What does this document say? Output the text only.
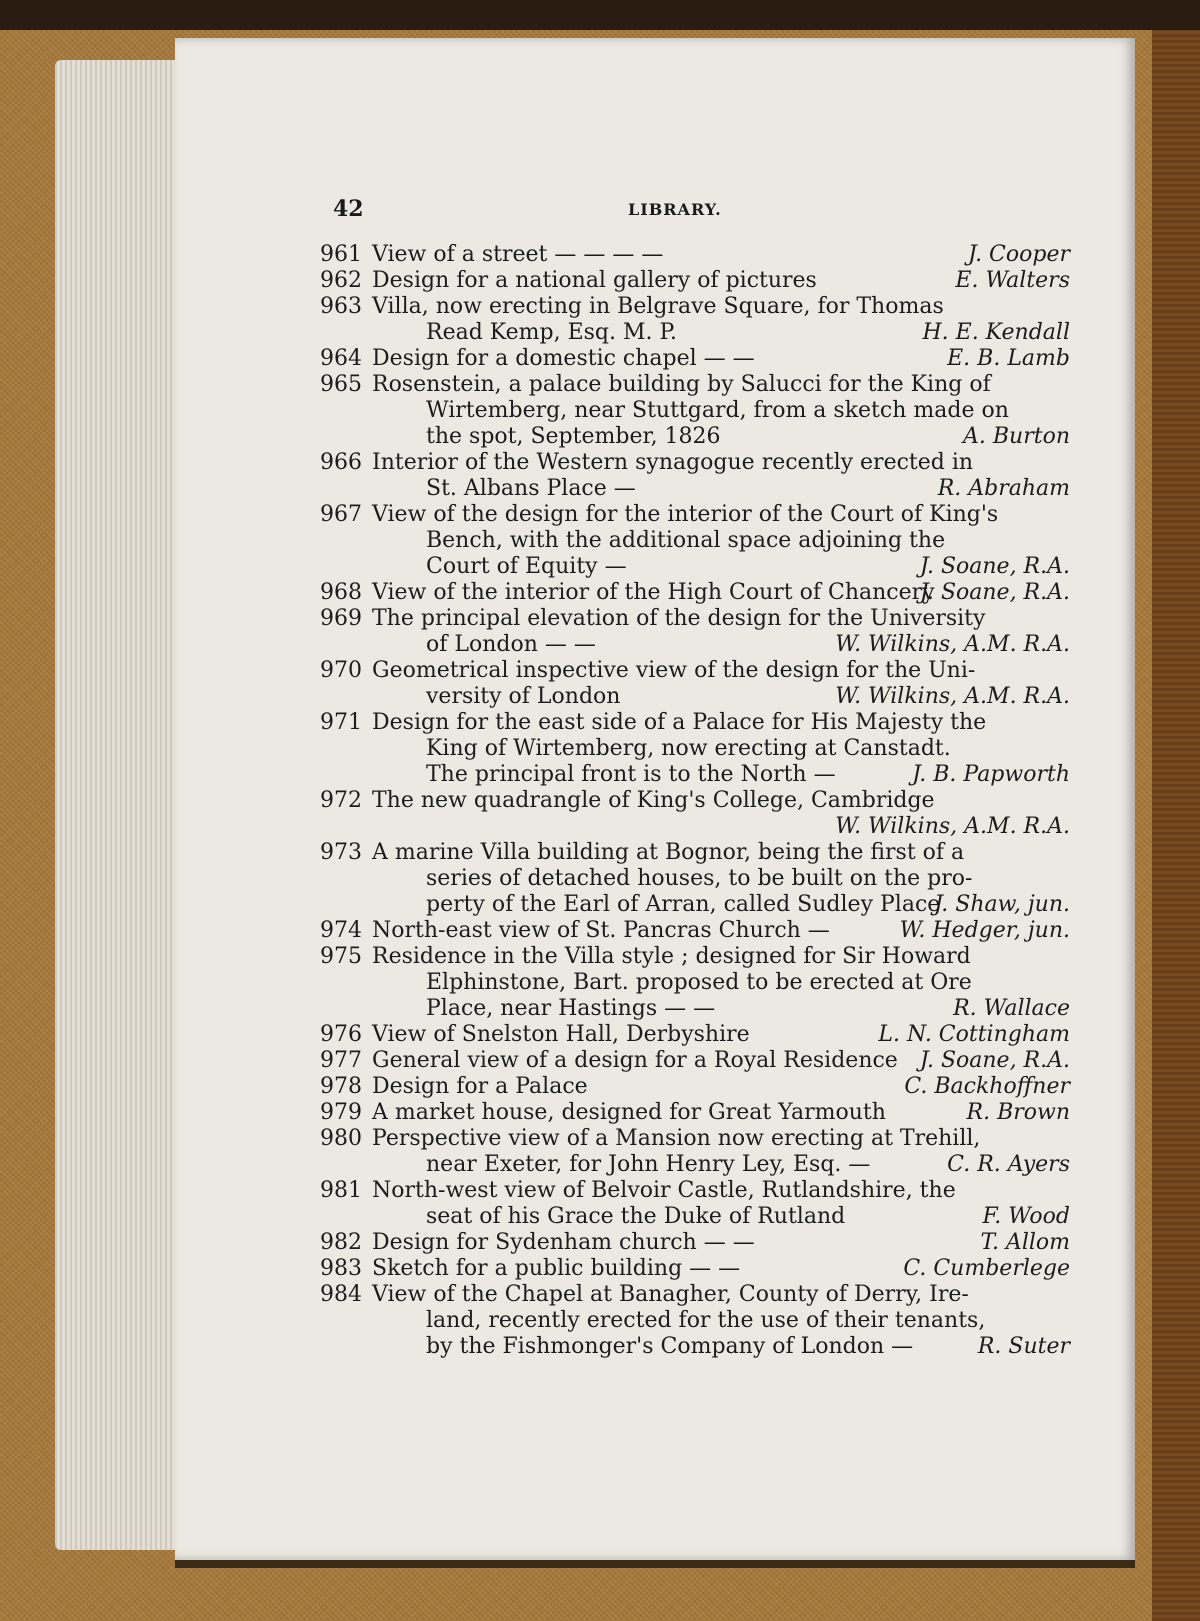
42	LIBRARY.
961 View of a street — — — —	J. Cooper
962 Design for a national gallery of pictures	E. Walters
963 Villa, now erecting in Belgrave Square, for Thomas
Read Kemp, Esq. M. P.	H. E. Kendall
964 Design for a domestic chapel — —	E. B. Lamb
965 Rosenstein, a palace building by Salucci for the King of
Wirtemberg, near Stuttgard, from a sketch made on
the spot, September, 1826	A. Burton
966 Interior of the Western synagogue recently erected in
St. Albans Place —	R. Abraham
967 View of the design for the interior of the Court of King's
Bench, with the additional space adjoining the
Court of Equity —	J. Soane, R.A.
968 View of the interior of the High Court of Chancery
J. Soane, R.A.
969 The principal elevation of the design for the University
of London — —	W. Wilkins, A.M. R.A.
970 Geometrical inspective view of the design for the Uni-
versity of London	W. Wilkins, A.M. R.A.
971 Design for the east side of a Palace for His Majesty the
King of Wirtemberg, now erecting at Canstadt.
The principal front is to the North —	J. B. Papworth
972 The new quadrangle of King's College, Cambridge
W. Wilkins, A.M. R.A.
973 A marine Villa building at Bognor, being the first of a
series of detached houses, to be built on the pro-
perty of the Earl of Arran, called Sudley Place
J. Shaw, jun.
974 North-east view of St. Pancras Church —	W. Hedger, jun.
975 Residence in the Villa style ; designed for Sir Howard
Elphinstone, Bart. proposed to be erected at Ore
Place, near Hastings — —	R. Wallace
976 View of Snelston Hall, Derbyshire	L. N. Cottingham
977 General view of a design for a Royal Residence J. Soane, R.A.
978 Design for a Palace	C. Backhoffner
979 A market house, designed for Great Yarmouth	R. Brown
980 Perspective view of a Mansion now erecting at Trehill,
near Exeter, for John Henry Ley, Esq. —	C. R. Ayers
981 North-west view of Belvoir Castle, Rutlandshire, the
seat of his Grace the Duke of Rutland	F. Wood
982 Design for Sydenham church — —	T. Allom
983 Sketch for a public building — —	C. Cumberlege
984 View of the Chapel at Banagher, County of Derry, Ire-
land, recently erected for the use of their tenants,
by the Fishmonger's Company of London —	R. Suter
